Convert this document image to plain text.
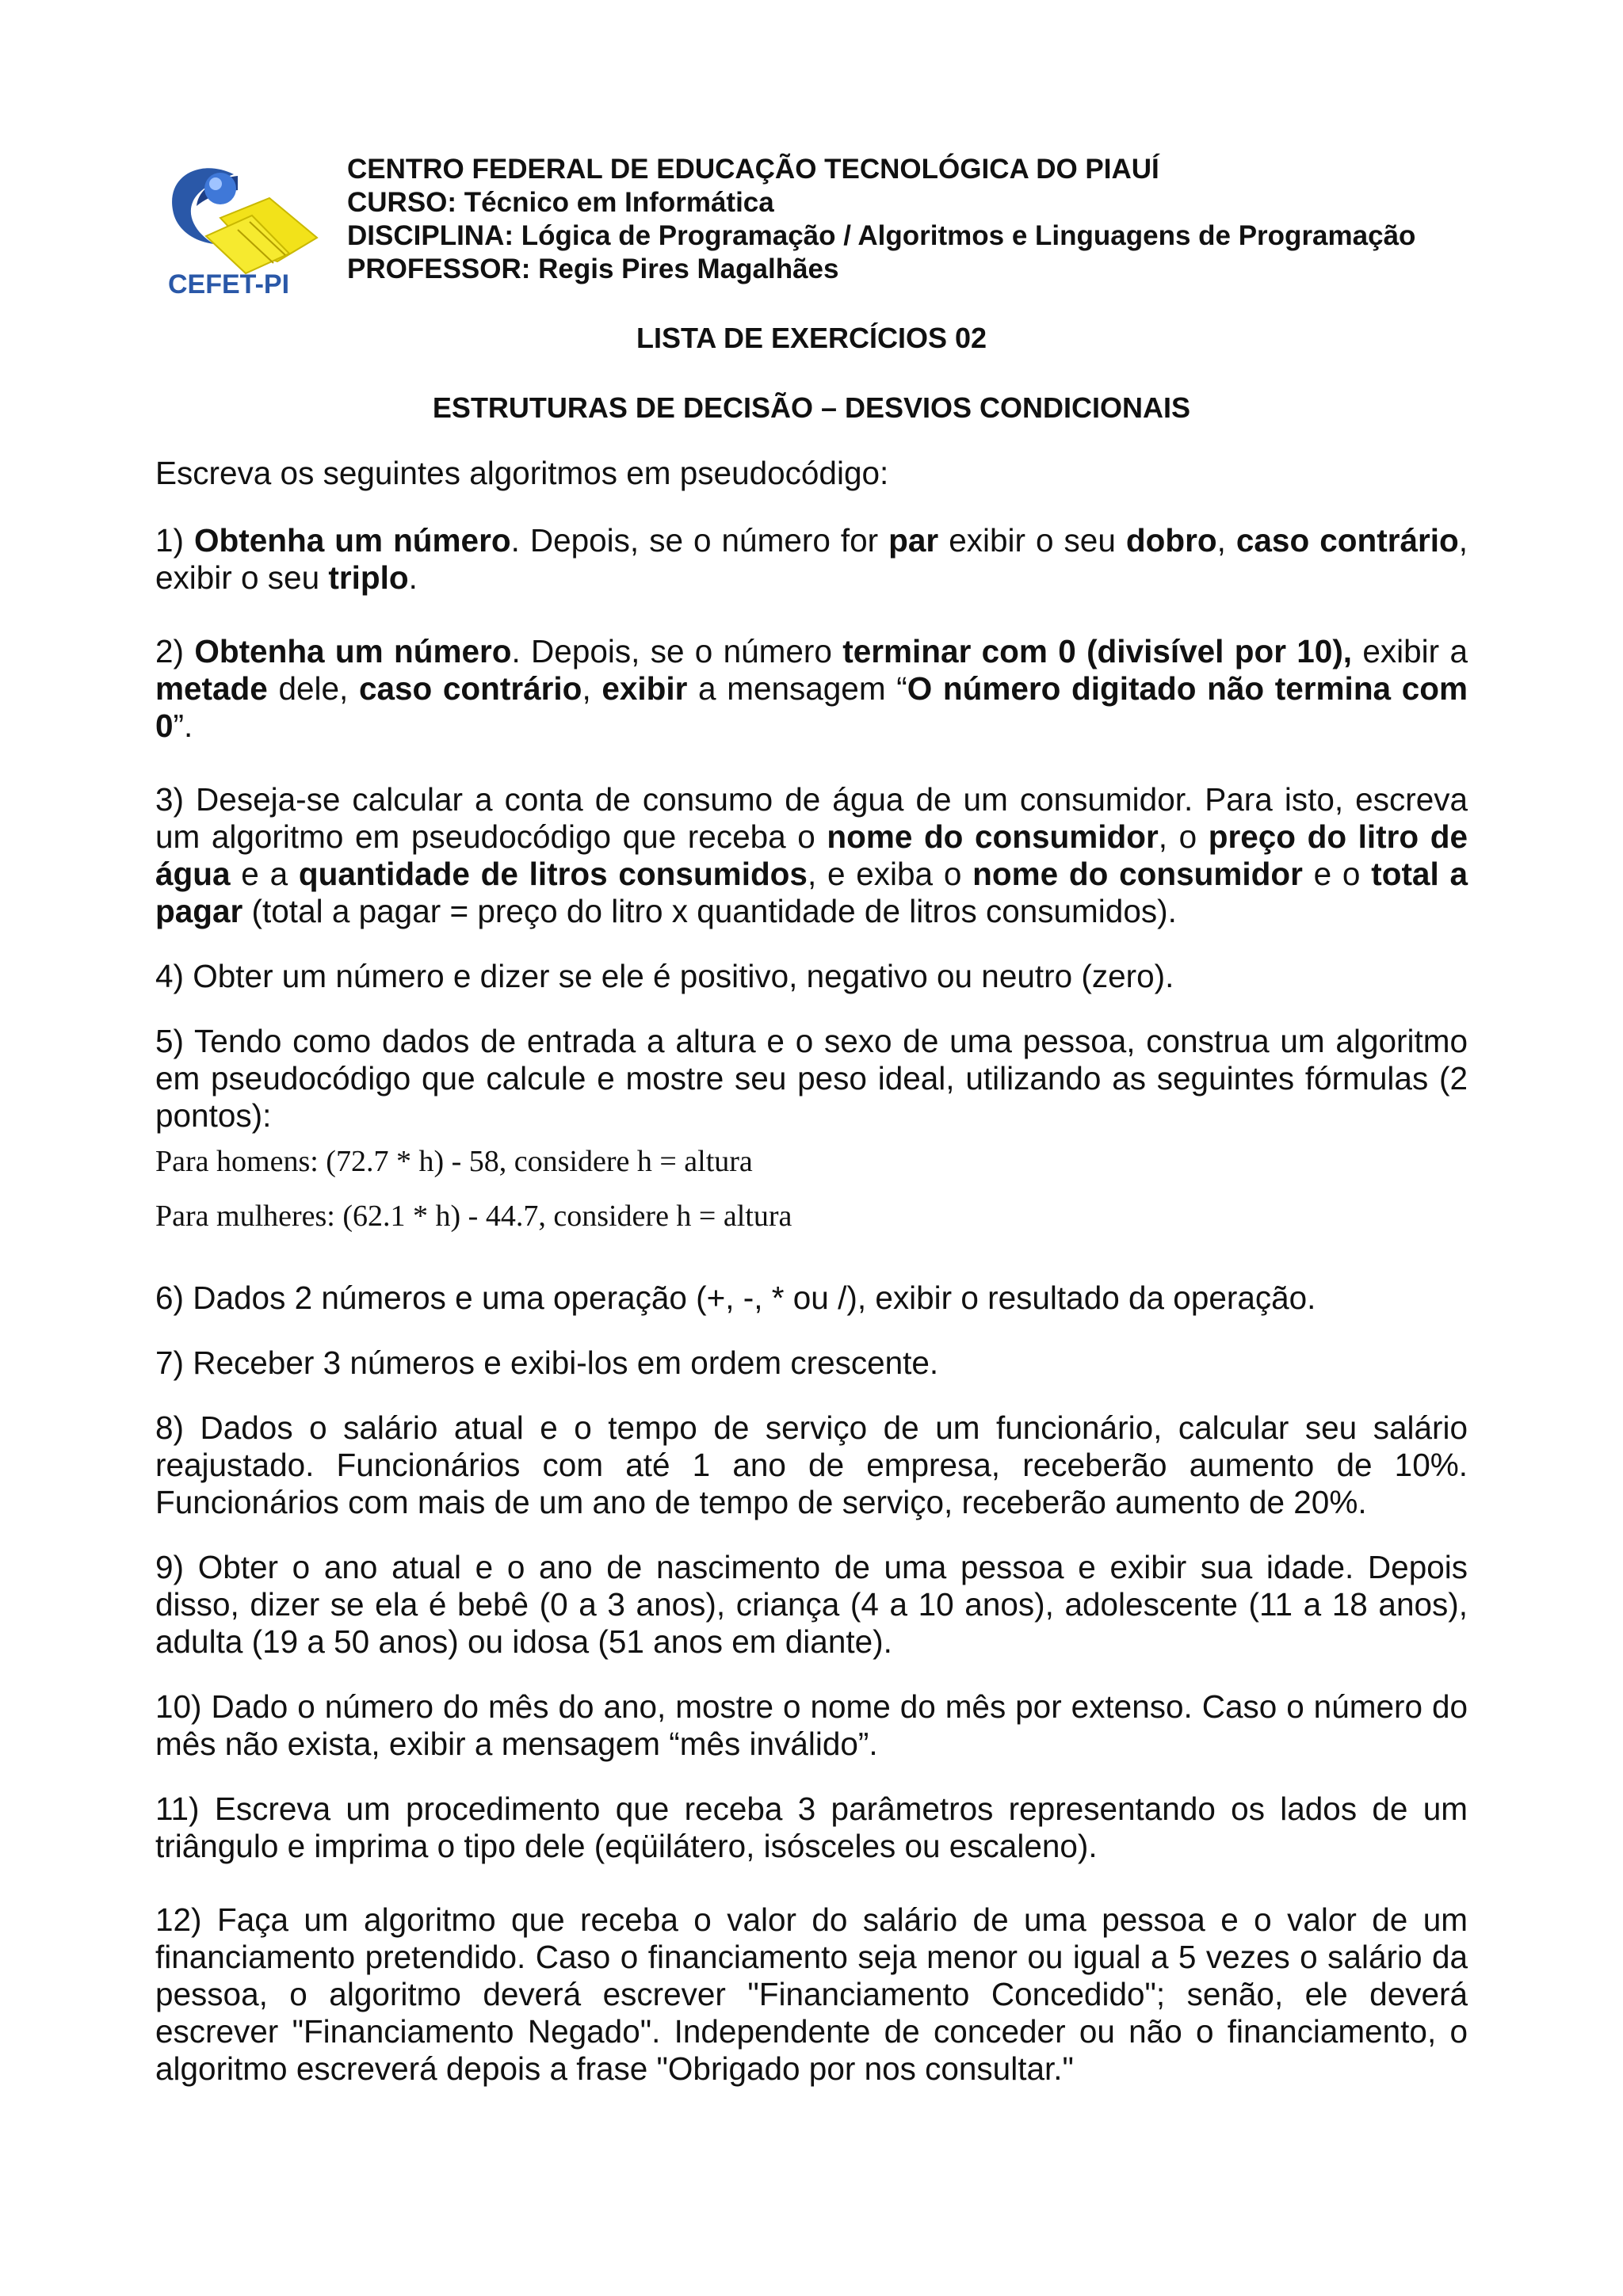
CEFET-PI
CENTRO FEDERAL DE EDUCAÇÃO TECNOLÓGICA DO PIAUÍ
CURSO: Técnico em Informática
DISCIPLINA: Lógica de Programação / Algoritmos e Linguagens de Programação
PROFESSOR: Regis Pires Magalhães
LISTA DE EXERCÍCIOS 02
ESTRUTURAS DE DECISÃO – DESVIOS CONDICIONAIS

Escreva os seguintes algoritmos em pseudocódigo:

1) Obtenha um número. Depois, se o número for par exibir o seu dobro, caso contrário, exibir o seu triplo.

2) Obtenha um número. Depois, se o número terminar com 0 (divisível por 10), exibir a metade dele, caso contrário, exibir a mensagem “O número digitado não termina com 0”.

3) Deseja-se calcular a conta de consumo de água de um consumidor. Para isto, escreva um algoritmo em pseudocódigo que receba o nome do consumidor, o preço do litro de água e a quantidade de litros consumidos, e exiba o nome do consumidor e o total a pagar (total a pagar = preço do litro x quantidade de litros consumidos).

4) Obter um número e dizer se ele é positivo, negativo ou neutro (zero).

5) Tendo como dados de entrada a altura e o sexo de uma pessoa, construa um algoritmo em pseudocódigo que calcule e mostre seu peso ideal, utilizando as seguintes fórmulas (2 pontos):

Para homens: (72.7 * h) - 58, considere h = altura

Para mulheres: (62.1 * h) - 44.7, considere h = altura

6) Dados 2 números e uma operação (+, -, * ou /), exibir o resultado da operação.

7) Receber 3 números e exibi-los em ordem crescente.

8) Dados o salário atual e o tempo de serviço de um funcionário, calcular seu salário reajustado. Funcionários com até 1 ano de empresa, receberão aumento de 10%. Funcionários com mais de um ano de tempo de serviço, receberão aumento de 20%.

9) Obter o ano atual e o ano de nascimento de uma pessoa e exibir sua idade. Depois disso, dizer se ela é bebê (0 a 3 anos), criança (4 a 10 anos), adolescente (11 a 18 anos), adulta (19 a 50 anos) ou idosa (51 anos em diante).

10) Dado o número do mês do ano, mostre o nome do mês por extenso. Caso o número do mês não exista, exibir a mensagem “mês inválido”.

11) Escreva um procedimento que receba 3 parâmetros representando os lados de um triângulo e imprima o tipo dele (eqüilátero, isósceles ou escaleno).

12) Faça um algoritmo que receba o valor do salário de uma pessoa e o valor de um financiamento pretendido. Caso o financiamento seja menor ou igual a 5 vezes o salário da pessoa, o algoritmo deverá escrever "Financiamento Concedido"; senão, ele deverá escrever "Financiamento Negado". Independente de conceder ou não o financiamento, o algoritmo escreverá depois a frase "Obrigado por nos consultar."
